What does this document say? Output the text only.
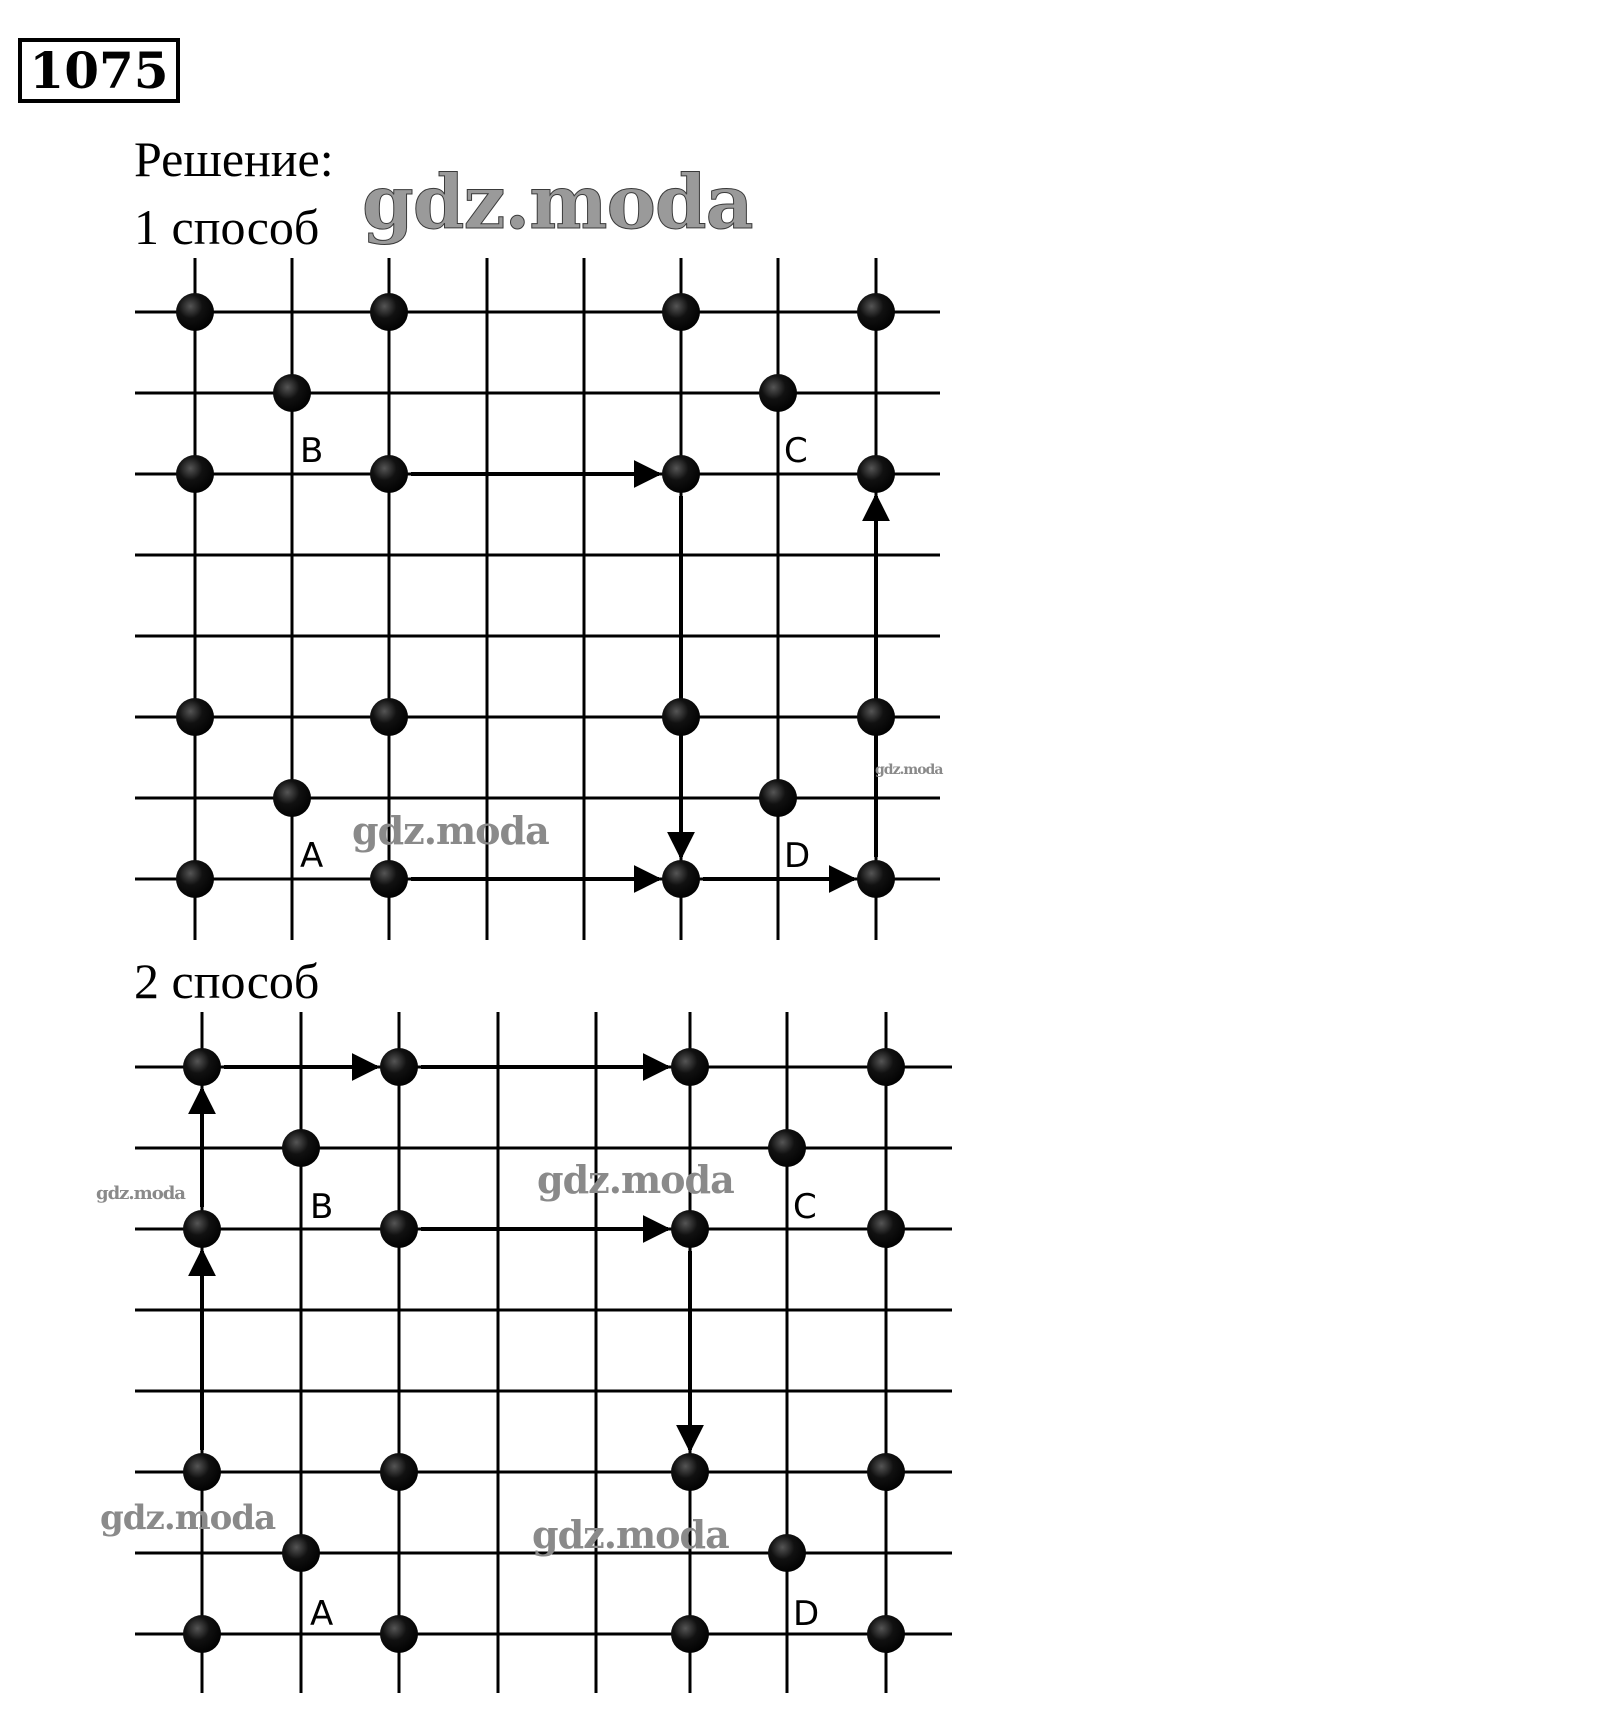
1075
Решение:
1 способ
2 способ
gdz.moda
B	C
A	D
B	C
A	D
gdz.moda
gdz.moda
gdz.moda	gdz.moda
gdz.moda	gdz.moda
